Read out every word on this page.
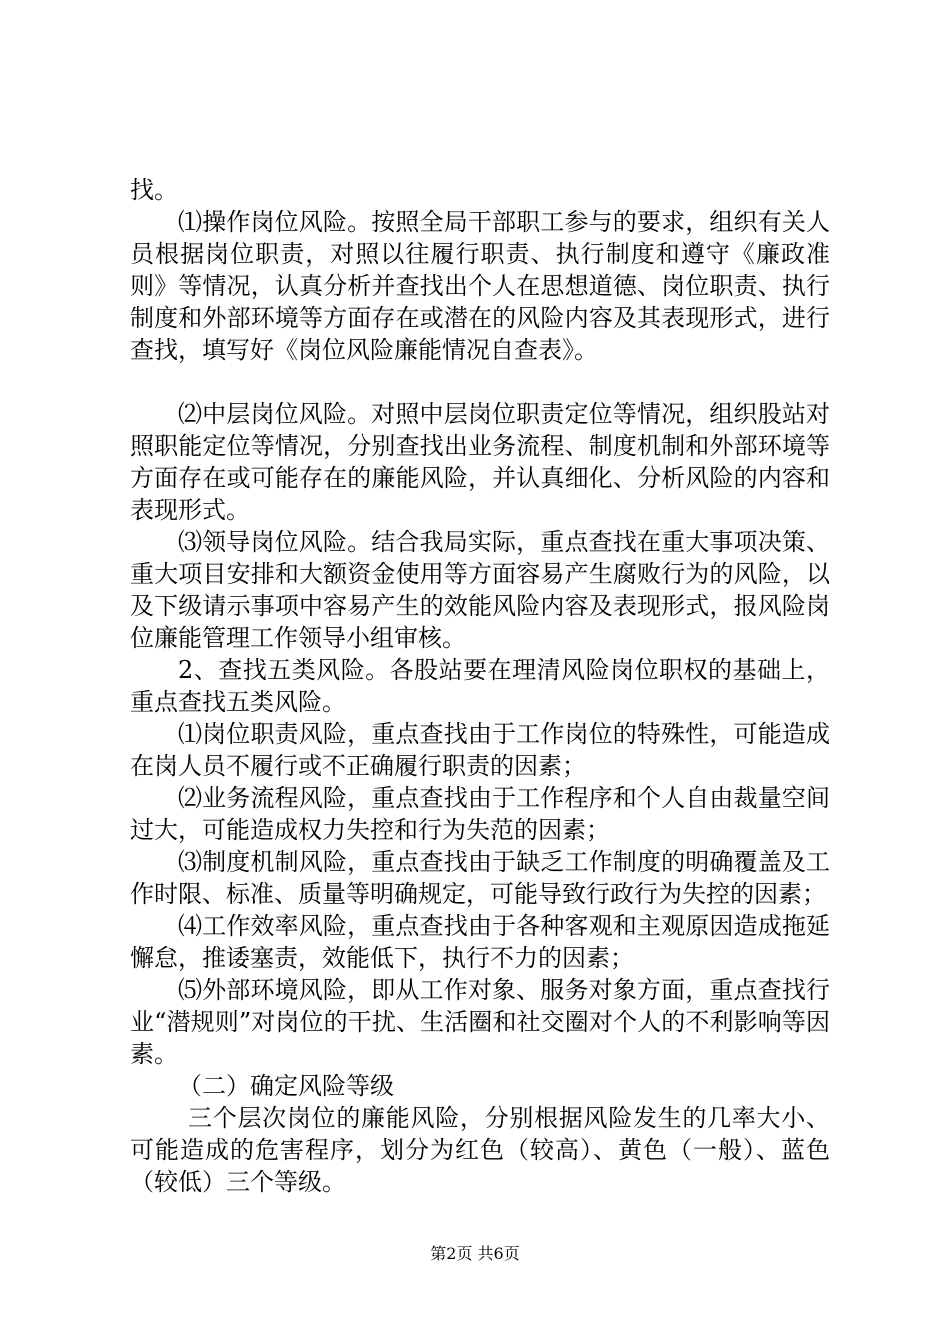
找。

⑴操作岗位风险。按照全局干部职工参与的要求，组织有关人员根据岗位职责，对照以往履行职责、执行制度和遵守《廉政准则》等情况，认真分析并查找出个人在思想道德、岗位职责、执行制度和外部环境等方面存在或潜在的风险内容及其表现形式，进行查找，填写好《岗位风险廉能情况自查表》。

⑵中层岗位风险。对照中层岗位职责定位等情况，组织股站对照职能定位等情况，分别查找出业务流程、制度机制和外部环境等方面存在或可能存在的廉能风险，并认真细化、分析风险的内容和表现形式。

⑶领导岗位风险。结合我局实际，重点查找在重大事项决策、重大项目安排和大额资金使用等方面容易产生腐败行为的风险，以及下级请示事项中容易产生的效能风险内容及表现形式，报风险岗位廉能管理工作领导小组审核。

2、查找五类风险。各股站要在理清风险岗位职权的基础上，重点查找五类风险。

⑴岗位职责风险，重点查找由于工作岗位的特殊性，可能造成在岗人员不履行或不正确履行职责的因素；

⑵业务流程风险，重点查找由于工作程序和个人自由裁量空间过大，可能造成权力失控和行为失范的因素；

⑶制度机制风险，重点查找由于缺乏工作制度的明确覆盖及工作时限、标准、质量等明确规定，可能导致行政行为失控的因素；

⑷工作效率风险，重点查找由于各种客观和主观原因造成拖延懈怠，推诿塞责，效能低下，执行不力的因素；

⑸外部环境风险，即从工作对象、服务对象方面，重点查找行业“潜规则”对岗位的干扰、生活圈和社交圈对个人的不利影响等因素。

（二）确定风险等级

三个层次岗位的廉能风险，分别根据风险发生的几率大小、可能造成的危害程序，划分为红色（较高）、黄色（一般）、蓝色（较低）三个等级。

第2页 共6页
